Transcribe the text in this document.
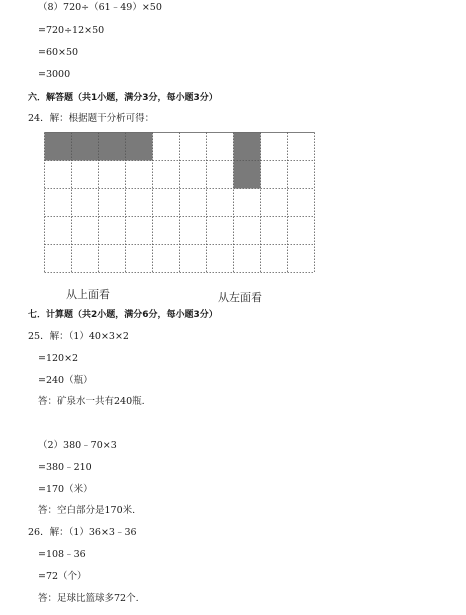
（8）720÷（61﹣49）×50
=720÷12×50
=60×50
=3000
六．解答题（共1小题，满分3分，每小题3分）
24．解：根据题干分析可得：
从上面看	从左面看
七．计算题（共2小题，满分6分，每小题3分）
25．解：（1）40×3×2
=120×2
=240（瓶）
答：矿泉水一共有240瓶.
（2）380﹣70×3
=380﹣210
=170（米）
答：空白部分是170米.
26．解：（1）36×3﹣36
=108﹣36
=72（个）
答：足球比篮球多72个.
